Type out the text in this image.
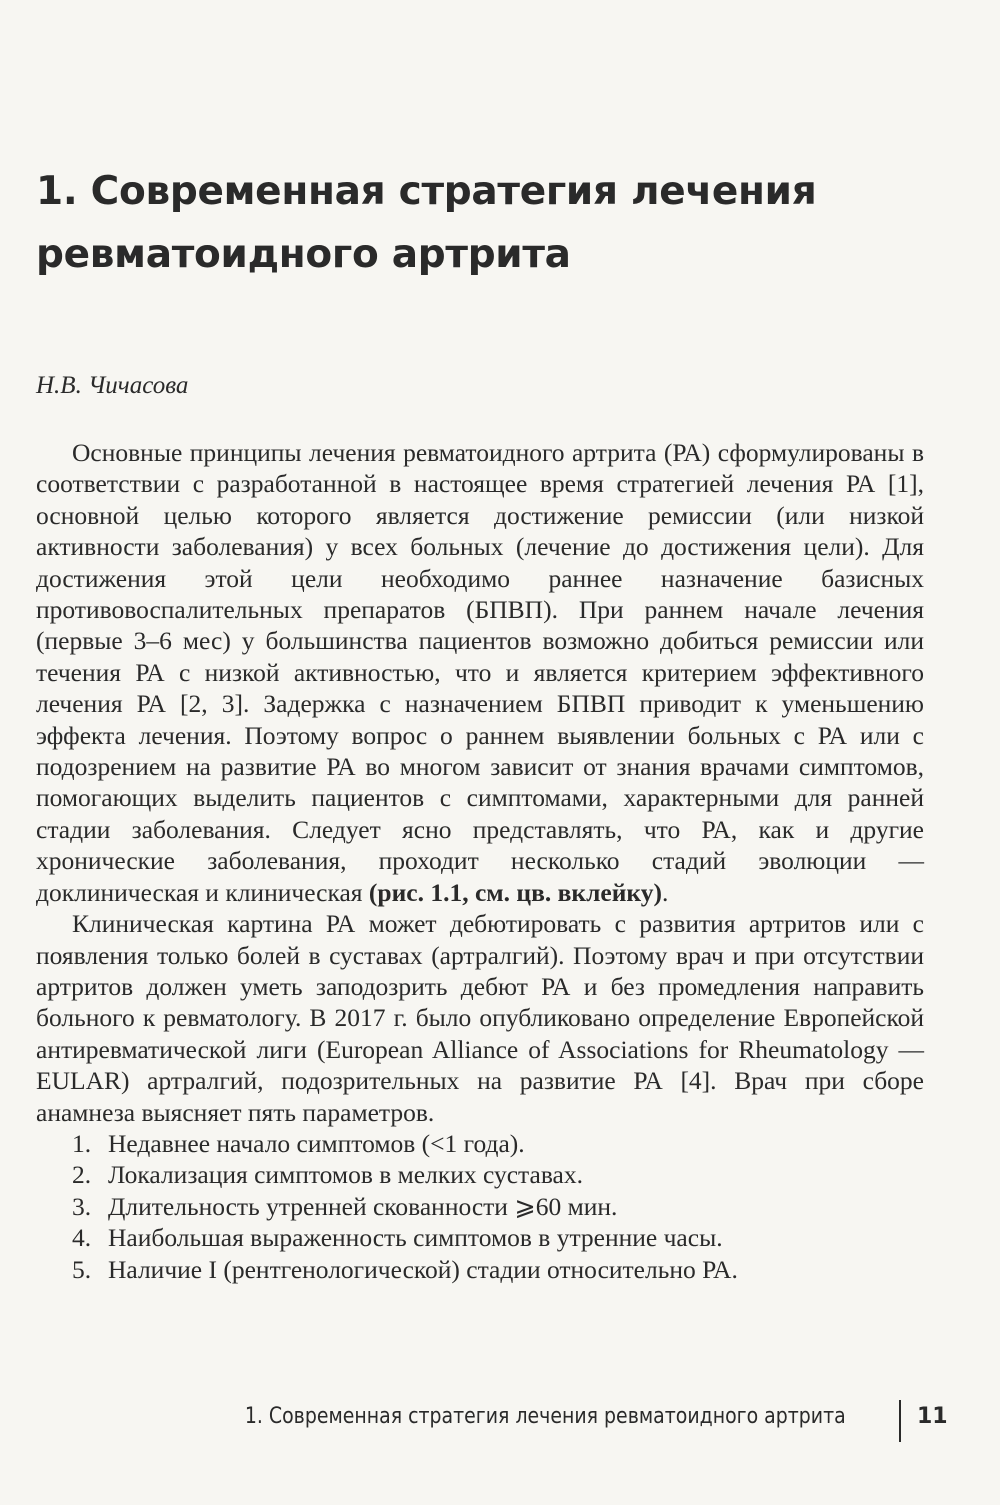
1. Современная стратегия лечения ревматоидного артрита
Н.В. Чичасова

Основные принципы лечения ревматоидного артрита (РА) сформулированы в соответствии с разработанной в настоящее время стратегией лечения РА [1], основной целью которого является достижение ремиссии (или низкой активности заболевания) у всех больных (лечение до достижения цели). Для достижения этой цели необходимо раннее назначение базисных противовоспалительных препаратов (БПВП). При раннем начале лечения (первые 3–6 мес) у большинства пациентов возможно добиться ремиссии или течения РА с низкой активностью, что и является критерием эффективного лечения РА [2, 3]. Задержка с назначением БПВП приводит к уменьшению эффекта лечения. Поэтому вопрос о раннем выявлении больных с РА или с подозрением на развитие РА во многом зависит от знания врачами симптомов, помогающих выделить пациентов с симптомами, характерными для ранней стадии заболевания. Следует ясно представлять, что РА, как и другие хронические заболевания, проходит несколько стадий эволюции — доклиническая и клиническая (рис. 1.1, см. цв. вклейку).

Клиническая картина РА может дебютировать с развития артритов или с появления только болей в суставах (артралгий). Поэтому врач и при отсутствии артритов должен уметь заподозрить дебют РА и без промедления направить больного к ревматологу. В 2017 г. было опубликовано определение Европейской антиревматической лиги (European Alliance of Associations for Rheumatology — EULAR) артралгий, подозрительных на развитие РА [4]. Врач при сборе анамнеза выясняет пять параметров.

1. Недавнее начало симптомов (<1 года).
2. Локализация симптомов в мелких суставах.
3. Длительность утренней скованности ⩾60 мин.
4. Наибольшая выраженность симптомов в утренние часы.
5. Наличие I (рентгенологической) стадии относительно РА.
1. Современная стратегия лечения ревматоидного артрита	11
